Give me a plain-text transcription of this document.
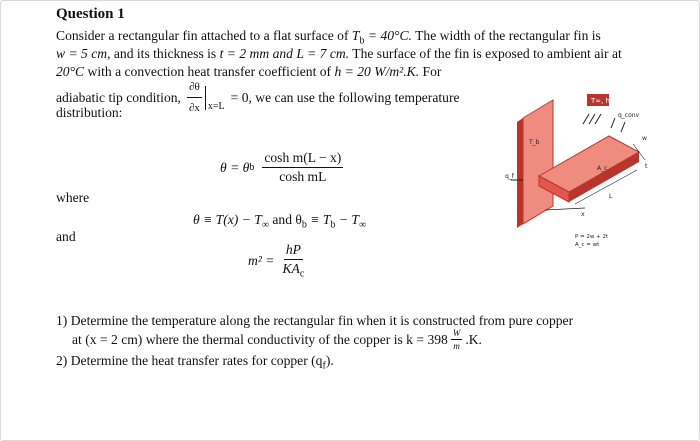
Question 1
Consider a rectangular fin attached to a flat surface of $T_b = 40^\circ C$. The width of the rectangular fin is
w = 5 cm, and its thickness is t = 2 mm and L = 7 cm. The surface of the fin is exposed to ambient air at
20°C with a convection heat transfer coefficient of h = 20 W/m².K. For
adiabatic tip condition, $\frac{\partial\theta}{\partial x} _{x=L}$
= 0, we can use the following temperature
distribution:
θ = θ b $\frac{\text{cosh m(L − x)}}{\text{cosh mL}}$
where
$\theta \equiv T(x) - T_\infty$ and $\theta_b \equiv T_b - T_\infty$
and
$m^2 = \frac{hP}{KA_c}$
1) Determine the temperature along the rectangular fin when it is constructed from pure copper
at (x = 2 cm) where the thermal conductivity of the copper is $k = 398 \frac{W}{m} .K$.
2) Determine the heat transfer rates for copper $(q_f)$.
T∞, h
q_conv
T_b
A_c
x
q_f
w
t
L
P = 2w + 2t
A_c = wt
